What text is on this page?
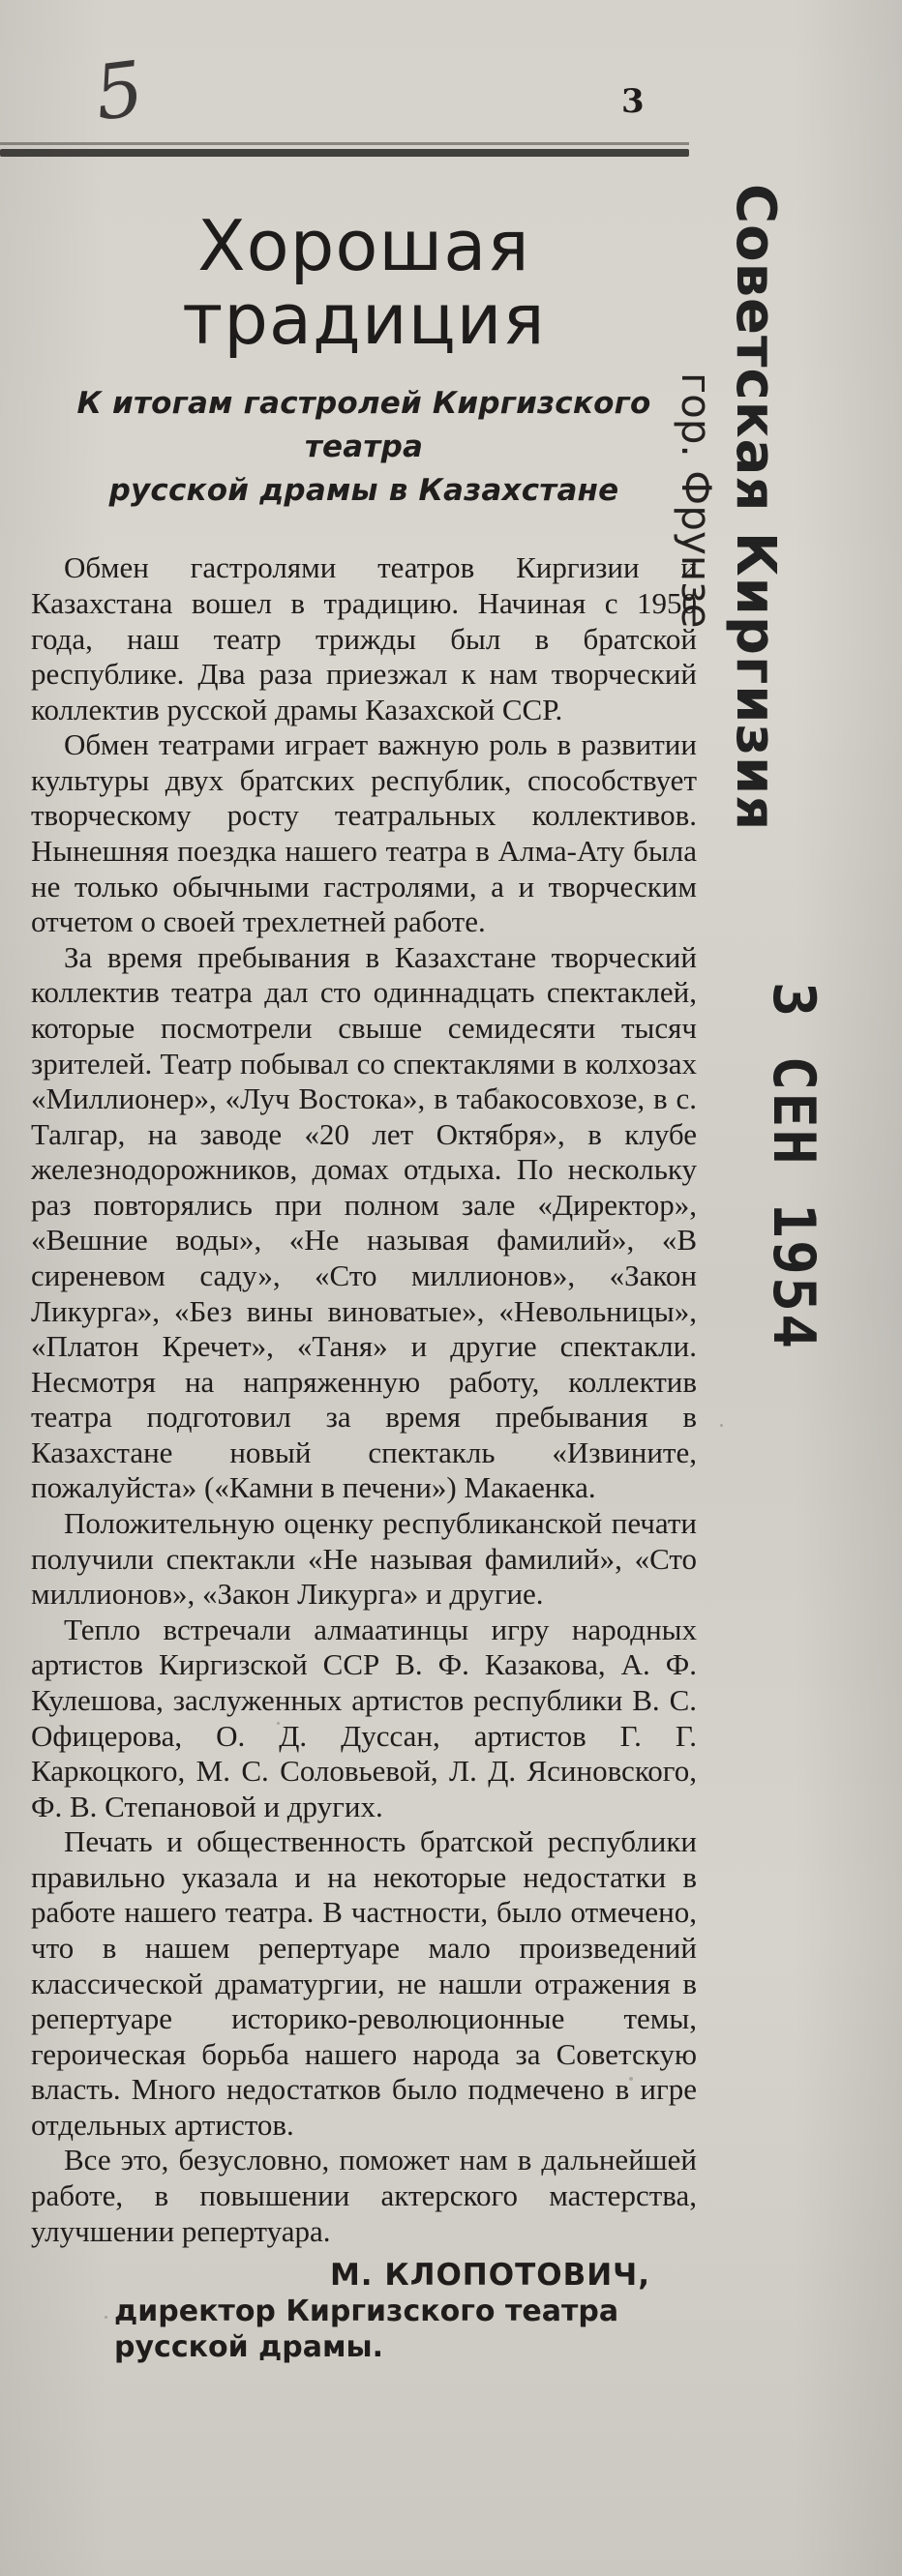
5	3
Советская Киргизия
гор. Фрунзе
3 СЕН 1954
Хорошая традиция
К итогам гастролей Киргизского театра
русской драмы в Казахстане

Обмен гастролями театров Киргизии и Казахстана вошел в традицию. Начиная с 1950 года, наш театр трижды был в братской республике. Два раза приезжал к нам творческий коллектив русской драмы Казахской ССР.

Обмен театрами играет важную роль в развитии культуры двух братских республик, способствует творческому росту театральных коллективов. Нынешняя поездка нашего театра в Алма-Ату была не только обычными гастролями, а и творческим отчетом о своей трехлетней работе.

За время пребывания в Казахстане творческий коллектив театра дал сто одиннадцать спектаклей, которые посмотрели свыше семидесяти тысяч зрителей. Театр побывал со спектаклями в колхозах «Миллионер», «Луч Востока», в табакосовхозе, в с. Талгар, на заводе «20 лет Октября», в клубе железнодорожников, домах отдыха. По нескольку раз повторялись при полном зале «Директор», «Вешние воды», «Не называя фамилий», «В сиреневом саду», «Сто миллионов», «Закон Ликурга», «Без вины виноватые», «Невольницы», «Платон Кречет», «Таня» и другие спектакли. Несмотря на напряженную работу, коллектив театра подготовил за время пребывания в Казахстане новый спектакль «Извините, пожалуйста» («Камни в печени») Макаенка.

Положительную оценку республиканской печати получили спектакли «Не называя фамилий», «Сто миллионов», «Закон Ликурга» и другие.

Тепло встречали алмаатинцы игру народных артистов Киргизской ССР В. Ф. Казакова, А. Ф. Кулешова, заслуженных артистов республики В. С. Офицерова, О. Д. Дуссан, артистов Г. Г. Каркоцкого, М. С. Соловьевой, Л. Д. Ясиновского, Ф. В. Степановой и других.

Печать и общественность братской республики правильно указала и на некоторые недостатки в работе нашего театра. В частности, было отмечено, что в нашем репертуаре мало произведений классической драматургии, не нашли отражения в репертуаре историко-революционные темы, героическая борьба нашего народа за Советскую власть. Много недостатков было подмечено в игре отдельных артистов.

Все это, безусловно, поможет нам в дальнейшей работе, в повышении актерского мастерства, улучшении репертуара.

М. КЛОПОТОВИЧ,

директор Киргизского театра

русской драмы.
